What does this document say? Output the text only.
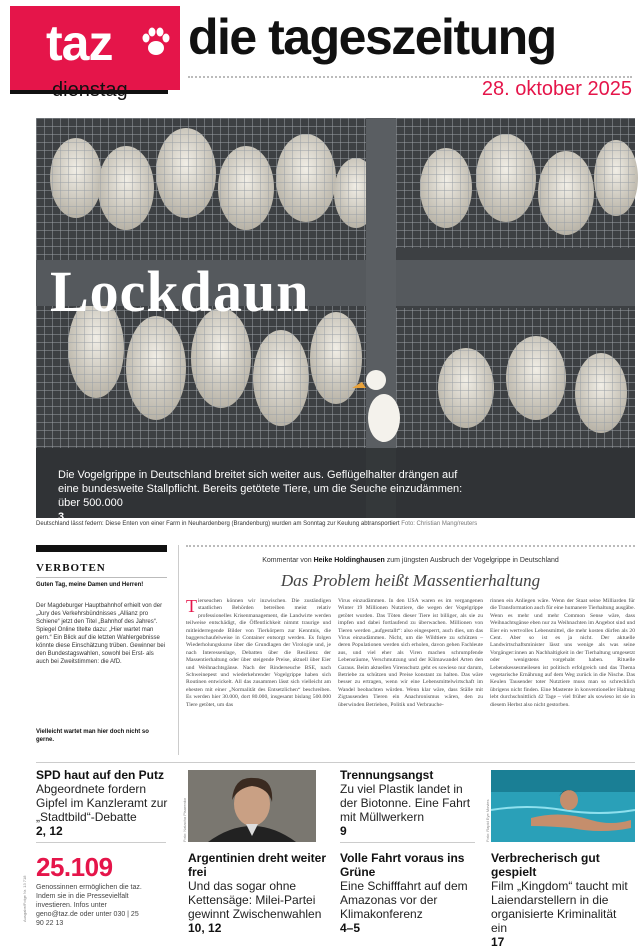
taz die tageszeitung
dienstag	28. oktober 2025
Lockdaun
Die Vogelgrippe in Deutschland breitet sich weiter aus. Geflügelhalter drängen auf eine bundesweite Stallpflicht. Bereits getötete Tiere, um die Seuche einzudämmen: über 500.000
3
Deutschland lässt federn: Diese Enten von einer Farm in Neuhardenberg (Brandenburg) wurden am Sonntag zur Keulung abtransportiert Foto: Christian Mang/reuters
VERBOTEN
Guten Tag, meine Damen und Herren!
Der Magdeburger Hauptbahnhof erhielt von der „Jury des Verkehrsbündnisses „Allianz pro Schiene“ jetzt den Titel „Bahnhof des Jahres“. Spiegel Online titelte dazu: „Hier wartet man gern.“ Ein Blick auf die letzten Wahlergebnisse könnte diese Einschätzung trüben. Gewinner bei den Bundestagswahlen, sowohl bei Erst- als auch bei Zweitstimmen: die AfD.
Vielleicht wartet man hier doch nicht so gerne.
Kommentar von Heike Holdinghausen zum jüngsten Ausbruch der Vogelgrippe in Deutschland
Das Problem heißt Massentierhaltung
Tierseuchen können wir inzwischen. Die zuständigen staatlichen Behörden betreiben meist relativ professionelles Krisenmanagement, die Landwirte werden teilweise entschädigt, die Öffentlichkeit nimmt traurige und mitleiderregende Bilder von Tierkörpern zur Kenntnis, die baggerschaufelweise in Container entsorgt werden. Es folgen Wiederholungskurse über die Grundlagen der Virologie und, je nach Interessenlage, Debatten über die Resilienz der Massentierhaltung oder über steigende Preise, aktuell über Eier und Weihnachtsgänse. Nach der Rinderseuche BSE, nach Schweinepest und wiederkehrender Vogelgrippe haben sich Routinen entwickelt. All das zusammen lässt sich vielleicht am ehesten mit einer „Normalität des Entsetzlichen“ beschreiben. Es werden hier 30.000, dort 80.000, insgesamt bislang 500.000 Tiere getötet, um das
Virus einzudämmen. In den USA waren es im vergangenen Winter 19 Millionen Nutztiere, die wegen der Vogelgrippe getötet wurden. Das Töten dieser Tiere ist billiger, als sie zu impfen und dabei fortlaufend zu überwachen. Millionen von Tieren werden „aufgestallt“: also eingesperrt, auch dies, um das Virus einzudämmen. Nicht, um die Wildtiere zu schützen – deren Populationen werden sich erholen, davon gehen Fachleute aus, und viel eher als Viren machen schrumpfende Lebensräume, Verschmutzung und der Klimawandel Arten den Garaus. Beim aktuellen Virenschutz geht es sowieso nur darum, Betriebe zu schützen und Preise konstant zu halten. Das wäre besser zu ertragen, wenn wir eine Lebensmittelwirtschaft im Wandel beobachten würden. Wenn klar wäre, dass Ställe mit Zigtausenden Tieren ein Anachronismus wären, den zu überwinden Betrieben, Politik und Verbrauche-
rinnen ein Anliegen wäre. Wenn der Staat seine Milliarden für die Transformation auch für eine humanere Tierhaltung ausgäbe. Wenn es mehr und mehr Common Sense wäre, dass Weihnachtsgänse eben nur zu Weihnachten im Angebot sind und Eier ein wertvolles Lebensmittel, die mehr kosten dürfen als 20 Cent. Aber so ist es ja nicht. Der aktuelle Landwirtschaftsminister lässt uns wenige als was seine Vorgänger:innen an Nachhaltigkeit in der Tierhaltung umgesetzt oder wenigstens vorgehabt haben. Rituelle Lebenskessesmeilesen ist politisch erfolgreich und das Thema vegetarische Ernährung auf dem Weg zurück in die Nische. Das Keulen Tausender toter Nutztiere muss man so schrecklich übrigens nicht finden. Eine Mastente in konventioneller Haltung lebt durchschnittlich 42 Tage – viel früher als sowieso ist sie in diesem Herbst also nicht gestorben.
SPD haut auf den Putz
Abgeordnete fordern Gipfel im Kanzleramt zur „Stadtbild“-Debatte
2, 12
Ausgabe/Folge Nr. 13 718
25.109
Genossinnen ermöglichen die taz. Indem sie in die Pressevielfalt investieren. Infos unter geno@taz.de oder unter 030 | 25 90 22 13
Foto: Natacha Pisarenko
Argentinien dreht weiter frei
Und das sogar ohne Kettensäge: Milei-Partei gewinnt Zwischenwahlen
10, 12
Trennungsangst
Zu viel Plastik landet in der Biotonne. Eine Fahrt mit Müllwerkern
9
Volle Fahrt voraus ins Grüne
Eine Schifffahrt auf dem Amazonas vor der Klimakonferenz
4–5
Foto: Rapid Eye Movies
Verbrecherisch gut gespielt
Film „Kingdom“ taucht mit Laiendarstellern in die organisierte Kriminalität ein
17
